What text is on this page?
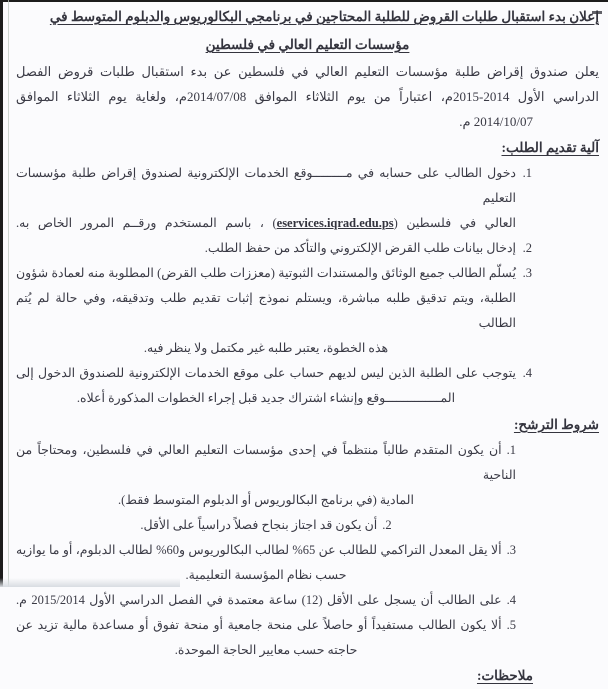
إعلان بدء استقبال طلبات القروض للطلبة المحتاجين في برنامجي البكالوريوس والدبلوم المتوسط في
مؤسسات التعليم العالي في فلسطين
يعلن صندوق إقراض طلبة مؤسسات التعليم العالي في فلسطين عن بدء استقبال طلبات قروض الفصل
الدراسي الأول 2014-2015م، اعتباراً من يوم الثلاثاء الموافق 2014/07/08م، ولغاية يوم الثلاثاء الموافق
2014/10/07 م.
آلية تقديم الطلب:
1.
دخول الطالب على حسابه في مـــــــــوقع الخدمات الإلكترونية لصندوق إقراض طلبة مؤسسات التعليم
العالي في فلسطين (eservices.iqrad.edu.ps) ، باسم المستخدم ورقــم المرور الخاص به.
2.
إدخال بيانات طلب القرض الإلكتروني والتأكد من حفظ الطلب.
3.
يُسلّم الطالب جميع الوثائق والمستندات الثبوتية (معززات طلب القرض) المطلوبة منه لعمادة شؤون
الطلبة، ويتم تدقيق طلبه مباشرة، ويستلم نموذج إثبات تقديم طلب وتدقيقه، وفي حالة لم يُتم الطالب
هذه الخطوة، يعتبر طلبه غير مكتمل ولا ينظر فيه.
4.
يتوجب على الطلبة الذين ليس لديهم حساب على موقع الخدمات الإلكترونية للصندوق الدخول إلى
المـــــــــــــــوقع وإنشاء اشتراك جديد قبل إجراء الخطوات المذكورة أعلاه.
شروط الترشح:
1.أن يكون المتقدم طالباً منتظماً في إحدى مؤسسات التعليم العالي في فلسطين، ومحتاجاً من الناحية
المادية (في برنامج البكالوريوس أو الدبلوم المتوسط فقط).
2.أن يكون قد اجتاز بنجاح فصلاً دراسياً على الأقل.
3.ألا يقل المعدل التراكمي للطالب عن 65% لطالب البكالوريوس و60% لطالب الدبلوم، أو ما يوازيه
حسب نظام المؤسسة التعليمية.
4.على الطالب أن يسجل على الأقل (12) ساعة معتمدة في الفصل الدراسي الأول 2015/2014 م.
5.ألا يكون الطالب مستفيداً أو حاصلاً على منحة جامعية أو منحة تفوق أو مساعدة مالية تزيد عن
حاجته حسب معايير الحاجة الموحدة.
ملاحظات:
